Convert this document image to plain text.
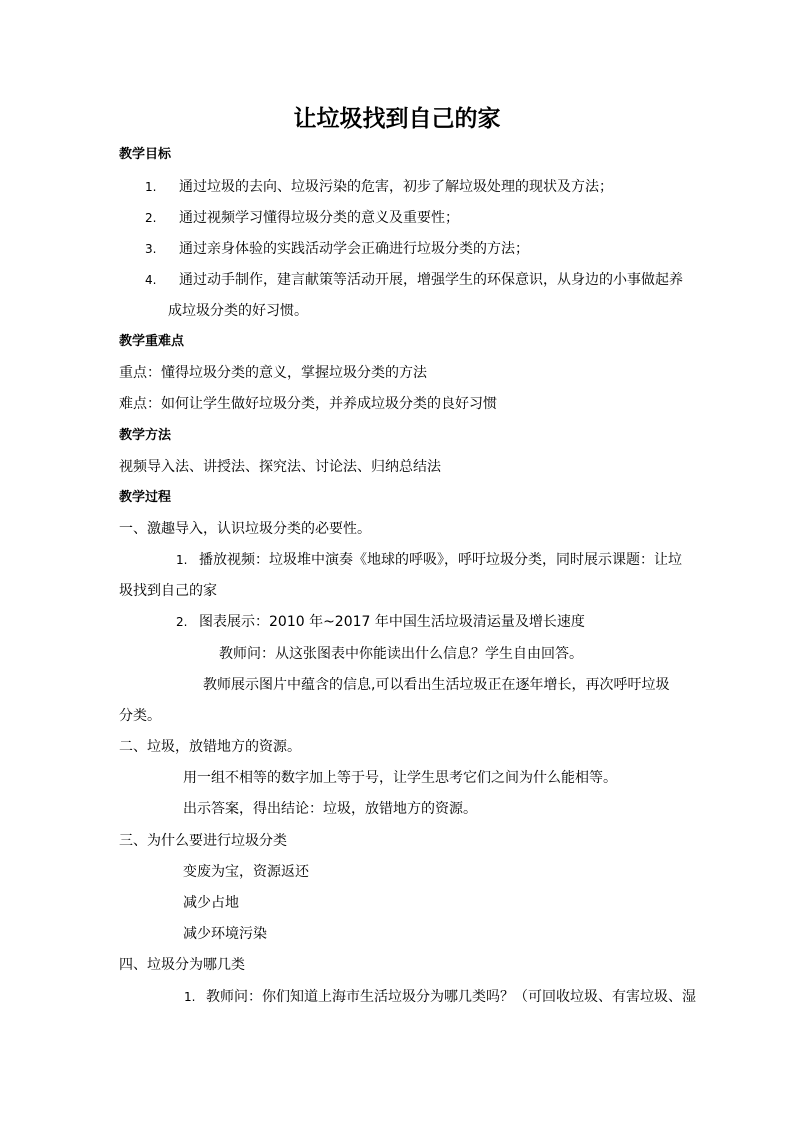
让垃圾找到自己的家
教学目标
1. 通过垃圾的去向、垃圾污染的危害，初步了解垃圾处理的现状及方法；
2. 通过视频学习懂得垃圾分类的意义及重要性；
3. 通过亲身体验的实践活动学会正确进行垃圾分类的方法；
4. 通过动手制作，建言献策等活动开展，增强学生的环保意识，从身边的小事做起养
成垃圾分类的好习惯。
教学重难点
重点：懂得垃圾分类的意义，掌握垃圾分类的方法
难点：如何让学生做好垃圾分类，并养成垃圾分类的良好习惯
教学方法
视频导入法、讲授法、探究法、讨论法、归纳总结法
教学过程
一、激趣导入，认识垃圾分类的必要性。
1. 播放视频：垃圾堆中演奏《地球的呼吸》，呼吁垃圾分类，同时展示课题：让垃
圾找到自己的家
2. 图表展示：2010 年~2017 年中国生活垃圾清运量及增长速度
教师问：从这张图表中你能读出什么信息？学生自由回答。
教师展示图片中蕴含的信息,可以看出生活垃圾正在逐年增长，再次呼吁垃圾
分类。
二、垃圾，放错地方的资源。
用一组不相等的数字加上等于号，让学生思考它们之间为什么能相等。
出示答案，得出结论：垃圾，放错地方的资源。
三、为什么要进行垃圾分类
变废为宝，资源返还
减少占地
减少环境污染
四、垃圾分为哪几类
1. 教师问：你们知道上海市生活垃圾分为哪几类吗？（可回收垃圾、有害垃圾、湿
